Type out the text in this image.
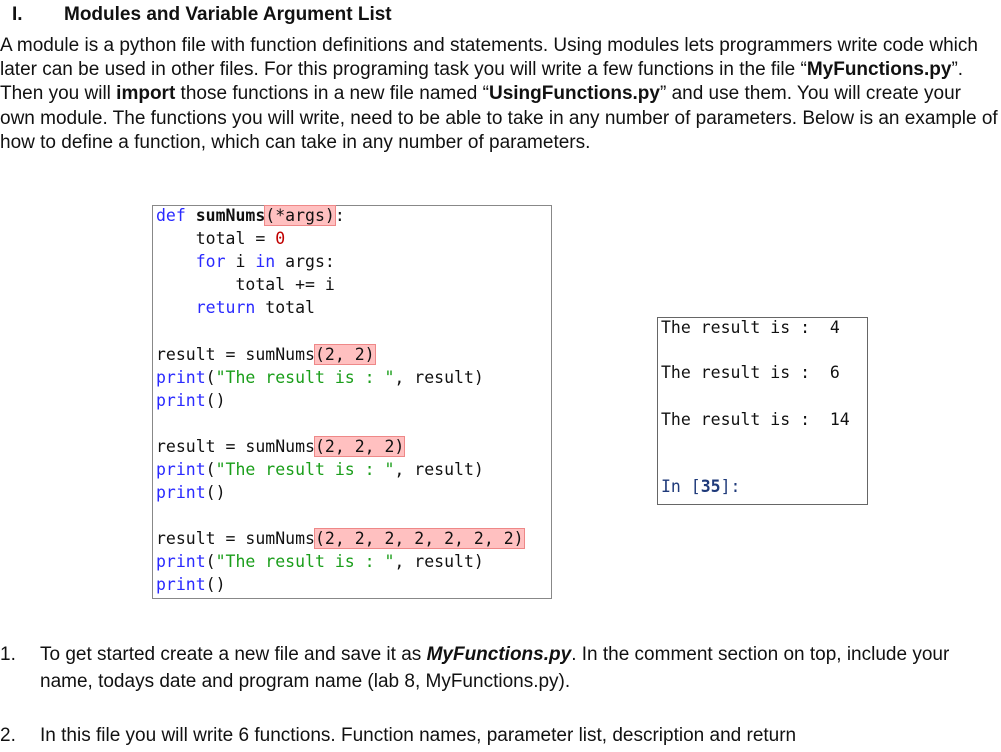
I. Modules and Variable Argument List
A module is a python file with function definitions and statements. Using modules lets programmers write code which later can be used in other files. For this programing task you will write a few functions in the file “MyFunctions.py”. Then you will import those functions in a new file named “UsingFunctions.py” and use them. You will create your own module. The functions you will write, need to be able to take in any number of parameters. Below is an example of how to define a function, which can take in any number of parameters.
def sumNums(*args):
total = 0
for i in args:
total += i
return total
result = sumNums(2, 2)
print("The result is : ", result)
print()
result = sumNums(2, 2, 2)
print("The result is : ", result)
print()
result = sumNums(2, 2, 2, 2, 2, 2, 2)
print("The result is : ", result)
print()
The result is :  4
The result is :  6
The result is :  14
In [35]:
1. To get started create a new file and save it as MyFunctions.py. In the comment section on top, include your name, todays date and program name (lab 8, MyFunctions.py).
2. In this file you will write 6 functions. Function names, parameter list, description and return
